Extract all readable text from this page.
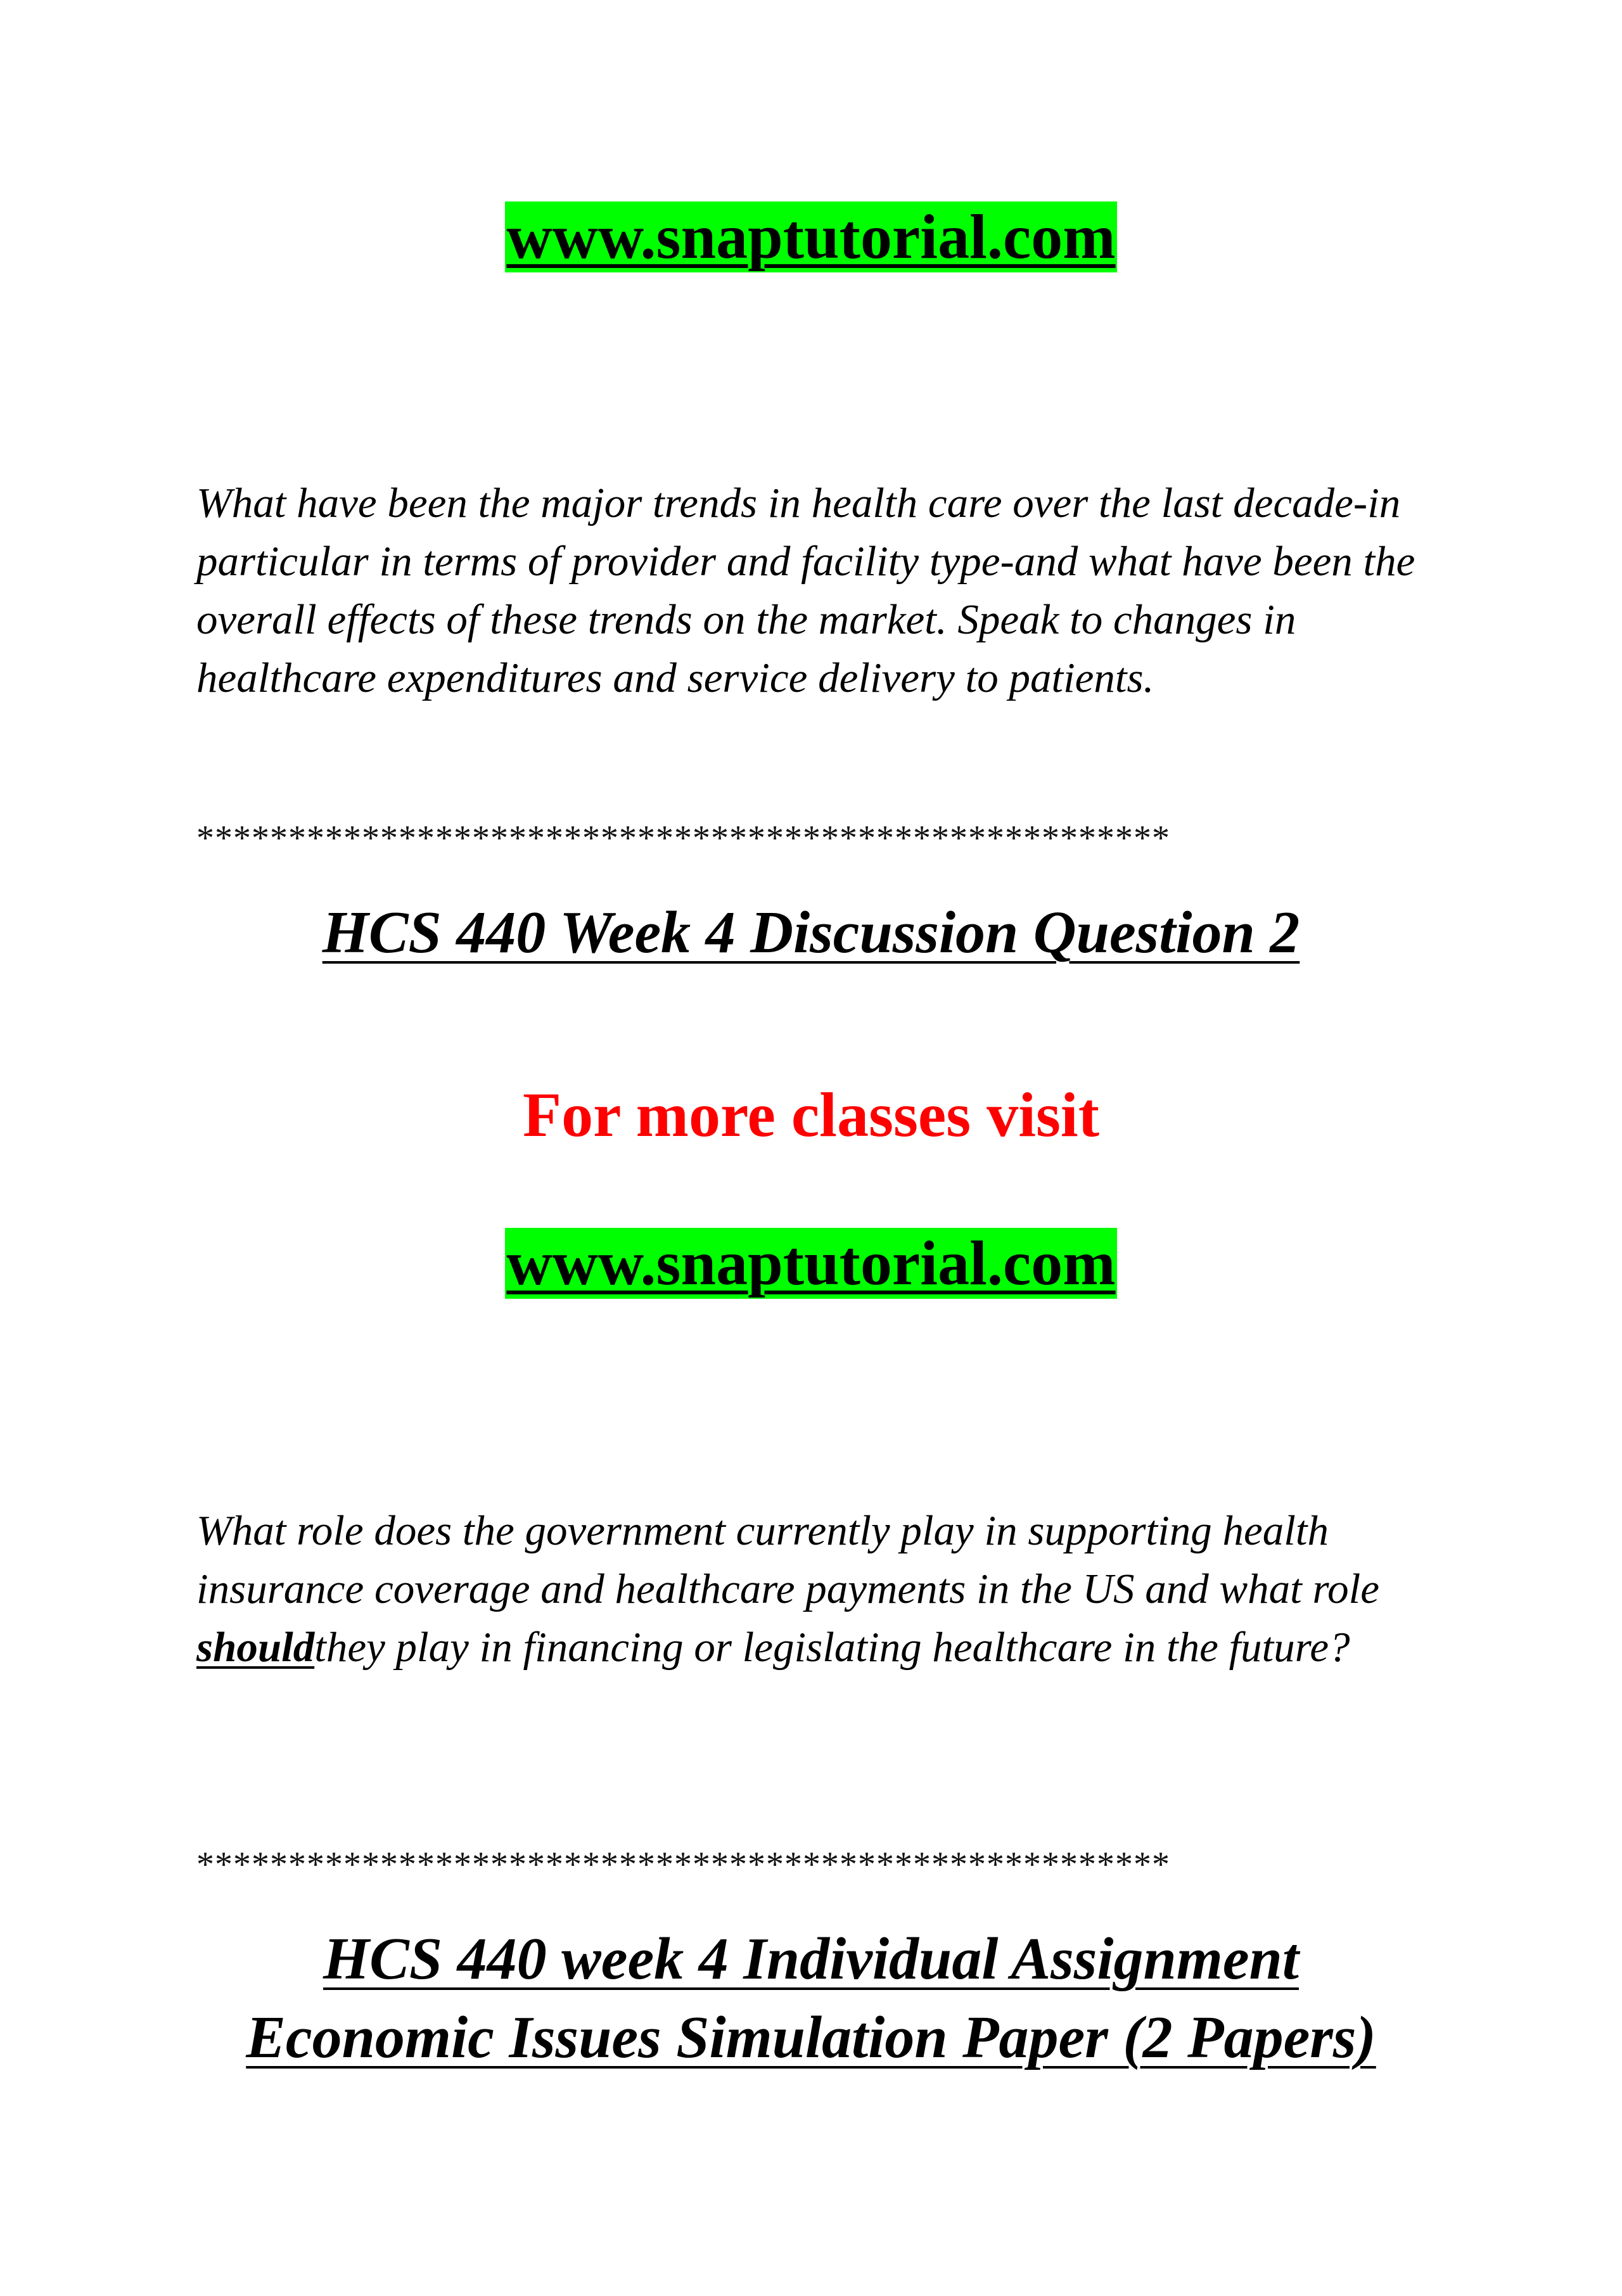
www.snaptutorial.com

What have been the major trends in health care over the last decade-in particular in terms of provider and facility type-and what have been the overall effects of these trends on the market. Speak to changes in healthcare expenditures and service delivery to patients.

*****************************************************
HCS 440 Week 4 Discussion Question 2

For more classes visit

www.snaptutorial.com

What role does the government currently play in supporting health insurance coverage and healthcare payments in the US and what role shouldthey play in financing or legislating healthcare in the future?

*****************************************************
HCS 440 week 4 Individual Assignment
Economic Issues Simulation Paper (2 Papers)
